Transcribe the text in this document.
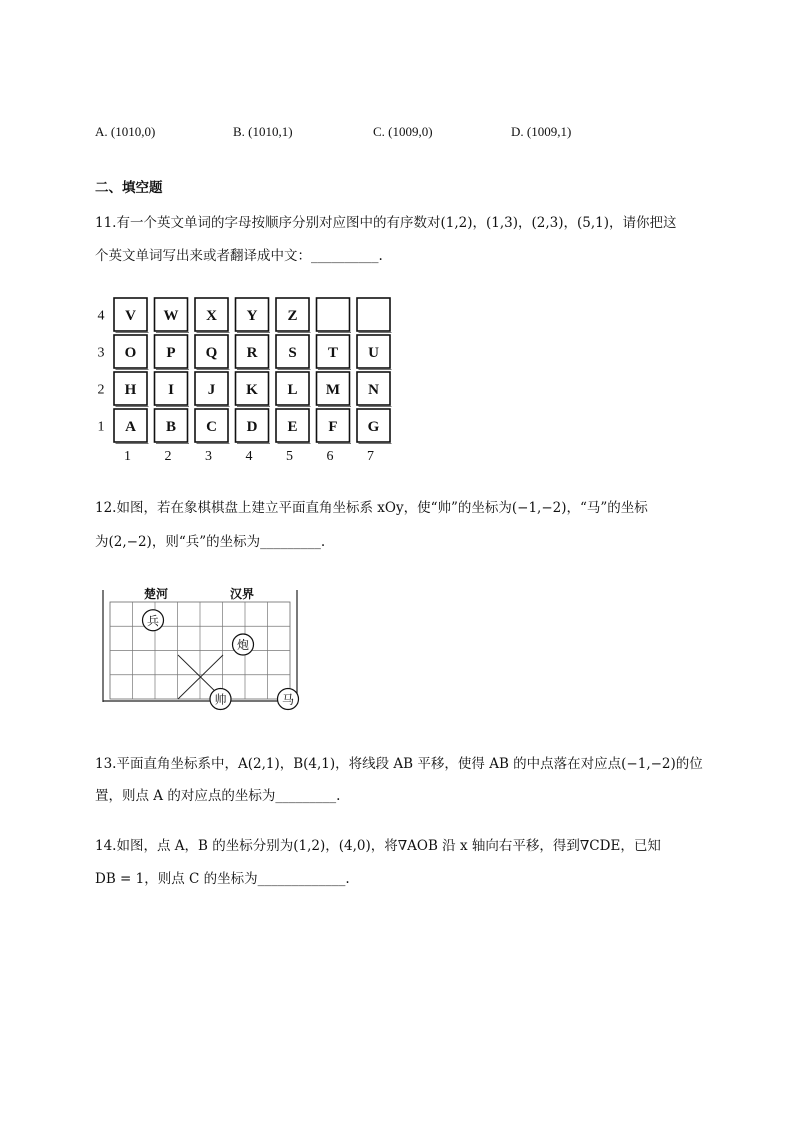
A. (1010,0)	B. (1010,1)	C. (1009,0)	D. (1009,1)
二、填空题
11.有一个英文单词的字母按顺序分别对应图中的有序数对(1,2)，(1,3)，(2,3)，(5,1)，请你把这
个英文单词写出来或者翻译成中文：__________.
V W X Y Z
O P Q R S T U
H I J K L M N
A B C D E F G
4
3
2
1
1 2 3 4 5 6 7
12.如图，若在象棋棋盘上建立平面直角坐标系 xOy，使“帅”的坐标为(−1,−2)，“马”的坐标
为(2,−2)，则“兵”的坐标为_________.
楚河	汉界
兵
炮
帅	马
13.平面直角坐标系中，A(2,1)，B(4,1)，将线段 AB 平移，使得 AB 的中点落在对应点(−1,−2)的位
置，则点 A 的对应点的坐标为_________.
14.如图，点 A，B 的坐标分别为(1,2)，(4,0)，将∇AOB 沿 x 轴向右平移，得到∇CDE，已知
DB = 1，则点 C 的坐标为_____________.
